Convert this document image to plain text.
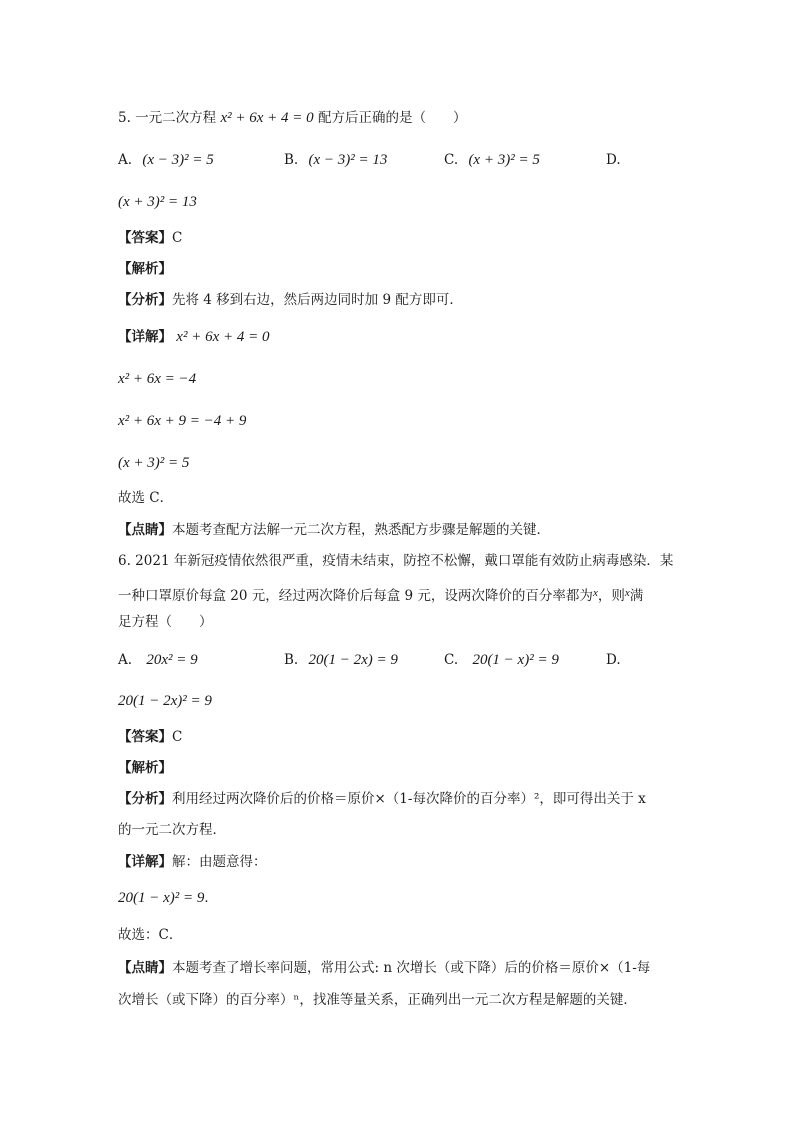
5. 一元二次方程 x² + 6x + 4 = 0 配方后正确的是（　　）
A. (x − 3)² = 5	B. (x − 3)² = 13	C. (x + 3)² = 5	D.
(x + 3)² = 13
【答案】C
【解析】
【分析】先将 4 移到右边，然后两边同时加 9 配方即可．
【详解】 x² + 6x + 4 = 0
x² + 6x = −4
x² + 6x + 9 = −4 + 9
(x + 3)² = 5
故选 C．
【点睛】本题考查配方法解一元二次方程，熟悉配方步骤是解题的关键．
6. 2021 年新冠疫情依然很严重，疫情未结束，防控不松懈，戴口罩能有效防止病毒感染．某
一种口罩原价每盒 20 元，经过两次降价后每盒 9 元，设两次降价的百分率都为$^x$，则$^x$满
足方程（　　）
A. 20x² = 9	B. 20(1 − 2x) = 9	C. 20(1 − x)² = 9	D.
20(1 − 2x)² = 9
【答案】C
【解析】
【分析】利用经过两次降价后的价格＝原价×（1-每次降价的百分率）²，即可得出关于 x
的一元二次方程．
【详解】解：由题意得：
20(1 − x)² = 9．
故选：C．
【点睛】本题考查了增长率问题，常用公式: n 次增长（或下降）后的价格＝原价×（1-每
次增长（或下降）的百分率）ⁿ，找准等量关系，正确列出一元二次方程是解题的关键．
